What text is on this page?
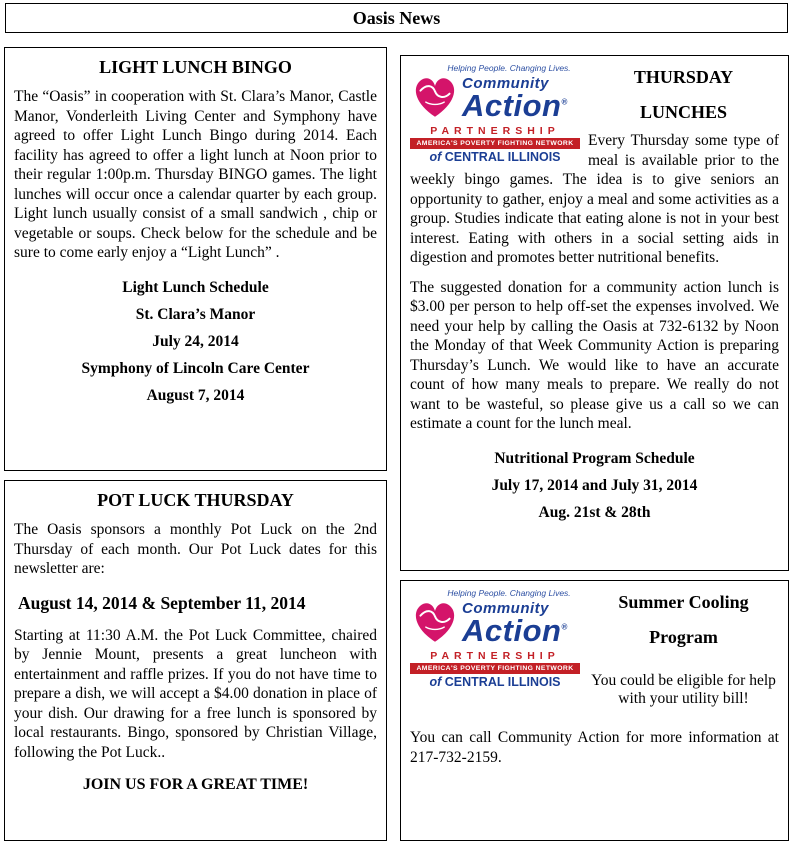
Oasis News
LIGHT LUNCH BINGO

The “Oasis” in cooperation with St. Clara’s Manor, Castle Manor, Vonderleith Living Center and Symphony have agreed to offer Light Lunch Bingo during 2014. Each facility has agreed to offer a light lunch at Noon prior to their regular 1:00p.m. Thursday BINGO games. The light lunches will occur once a calendar quarter by each group. Light lunch usually consist of a small sandwich , chip or vegetable or soups. Check below for the schedule and be sure to come early enjoy a “Light Lunch” .

Light Lunch Schedule

St. Clara’s Manor

July 24, 2014

Symphony of Lincoln Care Center

August 7, 2014

POT LUCK THURSDAY

The Oasis sponsors a monthly Pot Luck on the 2nd Thursday of each month. Our Pot Luck dates for this newsletter are:

August 14, 2014 & September 11, 2014

Starting at 11:30 A.M. the Pot Luck Committee, chaired by Jennie Mount, presents a great luncheon with entertainment and raffle prizes. If you do not have time to prepare a dish, we will accept a $4.00 donation in place of your dish. Our drawing for a free lunch is sponsored by local restaurants. Bingo, sponsored by Christian Village, following the Pot Luck..

JOIN US FOR A GREAT TIME!

Helping People. Changing Lives.
Community
Action®
PARTNERSHIP
AMERICA'S POVERTY FIGHTING NETWORK
of CENTRAL ILLINOIS
THURSDAY
LUNCHES

Every Thursday some type of meal is available prior to the weekly bingo games. The idea is to give seniors an opportunity to gather, enjoy a meal and some activities as a group. Studies indicate that eating alone is not in your best interest. Eating with others in a social setting aids in digestion and promotes better nutritional benefits.

The suggested donation for a community action lunch is $3.00 per person to help off-set the expenses involved. We need your help by calling the Oasis at 732-6132 by Noon the Monday of that Week Community Action is preparing Thursday’s Lunch. We would like to have an accurate count of how many meals to prepare. We really do not want to be wasteful, so please give us a call so we can estimate a count for the lunch meal.

Nutritional Program Schedule

July 17, 2014 and July 31, 2014

Aug. 21st & 28th

Helping People. Changing Lives.
Community
Action®
PARTNERSHIP
AMERICA'S POVERTY FIGHTING NETWORK
of CENTRAL ILLINOIS
Summer Cooling
Program

You could be eligible for help with your utility bill!

You can call Community Action for more information at 217-732-2159.
